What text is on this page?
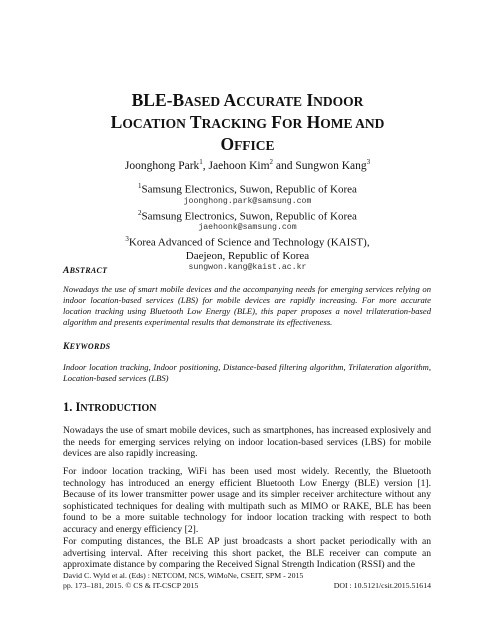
BLE-BASED ACCURATE INDOOR
LOCATION TRACKING FOR HOME AND
OFFICE
Joonghong Park$^1$, Jaehoon Kim$^2$ and Sungwon Kang$^3$
$^1$Samsung Electronics, Suwon, Republic of Korea
joonghong.park@samsung.com
$^2$Samsung Electronics, Suwon, Republic of Korea
jaehoonk@samsung.com
$^3$Korea Advanced of Science and Technology (KAIST),
Daejeon, Republic of Korea
sungwon.kang@kaist.ac.kr
ABSTRACT
Nowadays the use of smart mobile devices and the accompanying needs for emerging services relying on indoor location-based services (LBS) for mobile devices are rapidly increasing. For more accurate location tracking using Bluetooth Low Energy (BLE), this paper proposes a novel trilateration-based algorithm and presents experimental results that demonstrate its effectiveness.
KEYWORDS
Indoor location tracking, Indoor positioning, Distance-based filtering algorithm, Trilateration algorithm, Location-based services (LBS)
1. INTRODUCTION
Nowadays the use of smart mobile devices, such as smartphones, has increased explosively and the needs for emerging services relying on indoor location-based services (LBS) for mobile devices are also rapidly increasing.
For indoor location tracking, WiFi has been used most widely. Recently, the Bluetooth technology has introduced an energy efficient Bluetooth Low Energy (BLE) version [1]. Because of its lower transmitter power usage and its simpler receiver architecture without any sophisticated techniques for dealing with multipath such as MIMO or RAKE, BLE has been found to be a more suitable technology for indoor location tracking with respect to both accuracy and energy efficiency [2].
For computing distances, the BLE AP just broadcasts a short packet periodically with an advertising interval. After receiving this short packet, the BLE receiver can compute an approximate distance by comparing the Received Signal Strength Indication (RSSI) and the
David C. Wyld et al. (Eds) : NETCOM, NCS, WiMoNe, CSEIT, SPM - 2015
pp. 173–181, 2015. © CS & IT-CSCP 2015	DOI : 10.5121/csit.2015.51614
